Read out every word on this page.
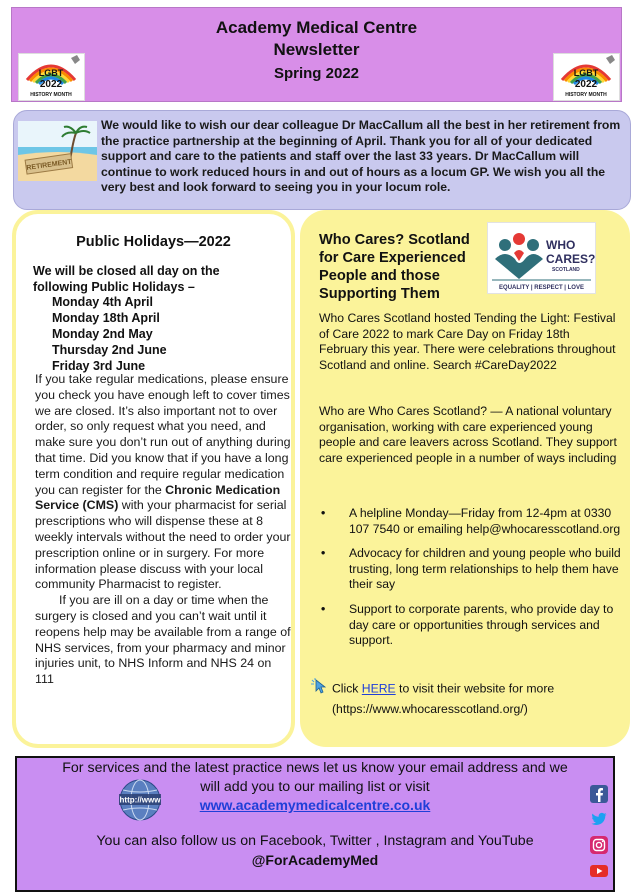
Academy Medical Centre
Newsletter
Spring 2022
LGBT
2022
HISTORY MONTH
LGBT
2022
HISTORY MONTH
RETIREMENT
We would like to wish our dear colleague Dr MacCallum all the best in her retirement from the practice partnership at the beginning of April. Thank you for all of your dedicated support and care to the patients and staff over the last 33 years. Dr MacCallum will continue to work reduced hours in and out of hours as a locum GP. We wish you all the very best and look forward to seeing you in your locum role.
Public Holidays—2022
We will be closed all day on the following Public Holidays –
Monday 4th April
Monday 18th April
Monday 2nd May
Thursday 2nd June
Friday 3rd June

If you take regular medications, please ensure you check you have enough left to cover times we are closed. It’s also important not to over order, so only request what you need, and make sure you don’t run out of anything during that time. Did you know that if you have a long term condition and require regular medication you can register for the Chronic Medication Service (CMS) with your pharmacist for serial prescriptions who will dispense these at 8 weekly intervals without the need to order your prescription online or in surgery. For more information please discuss with your local community Pharmacist to register.

If you are ill on a day or time when the surgery is closed and you can’t wait until it reopens help may be available from a range of NHS services, from your pharmacy and minor injuries unit, to NHS Inform and NHS 24 on 111

Who Cares? Scotland for Care Experienced People and those Supporting Them
WHO
CARES?
SCOTLAND
EQUALITY | RESPECT | LOVE
Who Cares Scotland hosted Tending the Light: Festival of Care 2022 to mark Care Day on Friday 18th February this year. There were celebrations throughout Scotland and online. Search #CareDay2022
Who are Who Cares Scotland? — A national voluntary organisation, working with care experienced young people and care leavers across Scotland. They support care experienced people in a number of ways including
• A helpline Monday—Friday from 12-4pm at 0330 107 7540 or emailing help@whocaresscotland.org
• Advocacy for children and young people who build trusting, long term relationships to help them have their say
• Support to corporate parents, who provide day to day care or opportunities through services and support.
Click HERE to visit their website for more
(https://www.whocaresscotland.org/)
For services and the latest practice news let us know your email address and we
will add you to our mailing list or visit
www.academymedicalcentre.co.uk
You can also follow us on Facebook, Twitter , Instagram and YouTube
@ForAcademyMed
http://www
